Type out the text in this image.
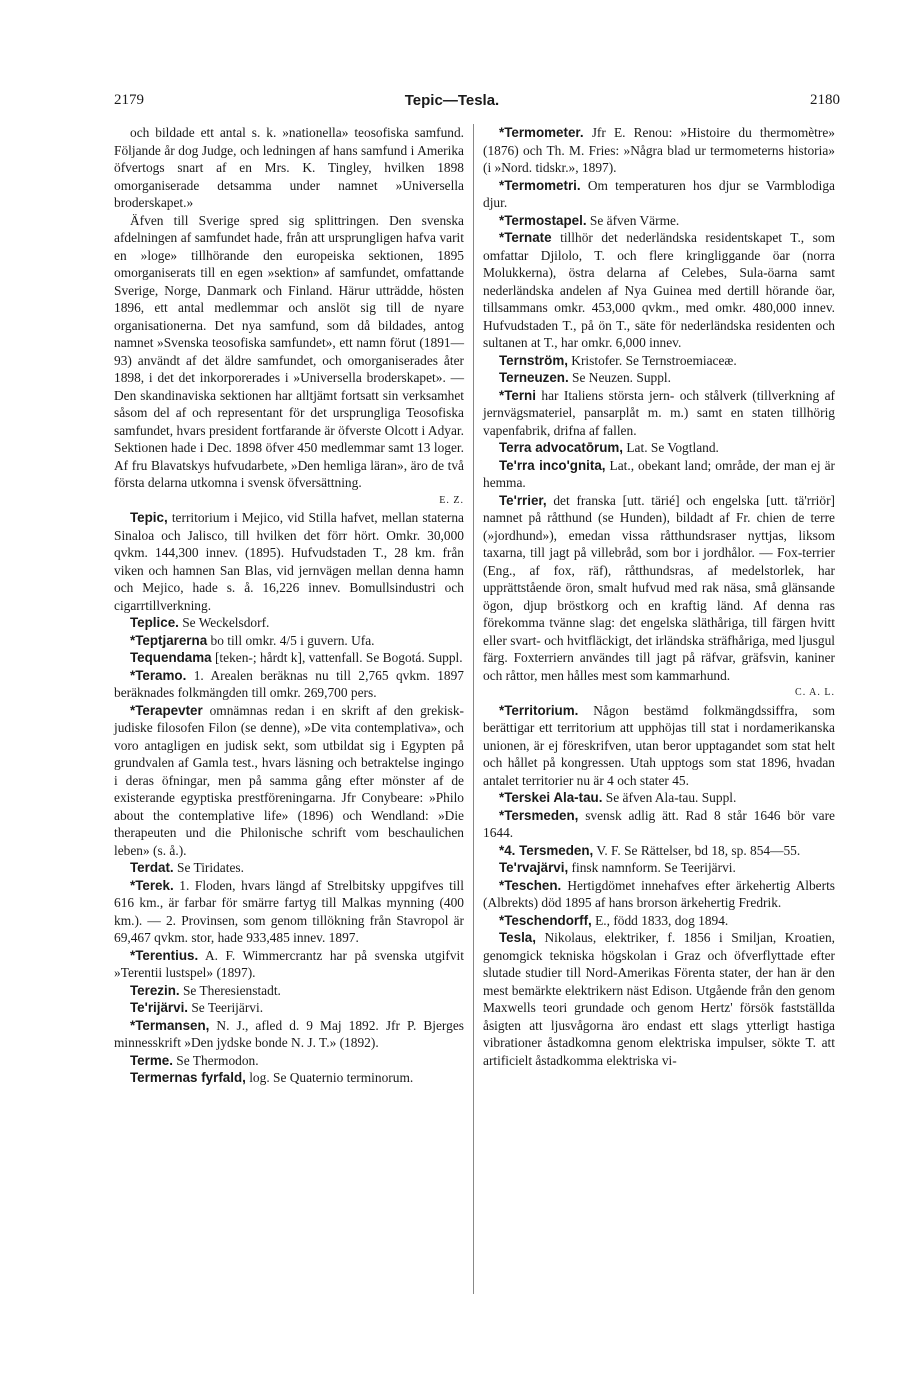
2179	Tepic—Tesla.	2180

och bildade ett antal s. k. »nationella» teosofiska samfund. Följande år dog Judge, och ledningen af hans samfund i Amerika öfvertogs snart af en Mrs. K. Tingley, hvilken 1898 omorganiserade detsamma under namnet »Universella broderskapet.»

Äfven till Sverige spred sig splittringen. Den svenska afdelningen af samfundet hade, från att ursprungligen hafva varit en »loge» tillhörande den europeiska sektionen, 1895 omorganiserats till en egen »sektion» af samfundet, omfattande Sverige, Norge, Danmark och Finland. Härur utträdde, hösten 1896, ett antal medlemmar och anslöt sig till de nyare organisationerna. Det nya samfund, som då bildades, antog namnet »Svenska teosofiska samfundet», ett namn förut (1891—93) användt af det äldre samfundet, och omorganiserades åter 1898, i det det inkorporerades i »Universella broderskapet». — Den skandinaviska sektionen har alltjämt fortsatt sin verksamhet såsom del af och representant för det ursprungliga Teosofiska samfundet, hvars president fortfarande är öfverste Olcott i Adyar. Sektionen hade i Dec. 1898 öfver 450 medlemmar samt 13 loger. Af fru Blavatskys hufvudarbete, »Den hemliga läran», äro de två första delarna utkomna i svensk öfversättning.

E. Z.

Tepic, territorium i Mejico, vid Stilla hafvet, mellan staterna Sinaloa och Jalisco, till hvilken det förr hört. Omkr. 30,000 qvkm. 144,300 innev. (1895). Hufvudstaden T., 28 km. från viken och hamnen San Blas, vid jernvägen mellan denna hamn och Mejico, hade s. å. 16,226 innev. Bomullsindustri och cigarrtillverkning.

Teplice. Se Weckelsdorf.

*Teptjarerna bo till omkr. 4/5 i guvern. Ufa.

Tequendama [teken-; hårdt k], vattenfall. Se Bogotá. Suppl.

*Teramo. 1. Arealen beräknas nu till 2,765 qvkm. 1897 beräknades folkmängden till omkr. 269,700 pers.

*Terapevter omnämnas redan i en skrift af den grekisk-judiske filosofen Filon (se denne), »De vita contemplativa», och voro antagligen en judisk sekt, som utbildat sig i Egypten på grundvalen af Gamla test., hvars läsning och betraktelse ingingo i deras öfningar, men på samma gång efter mönster af de existerande egyptiska prestföreningarna. Jfr Conybeare: »Philo about the contemplative life» (1896) och Wendland: »Die therapeuten und die Philonische schrift vom beschaulichen leben» (s. å.).

Terdat. Se Tiridates.

*Terek. 1. Floden, hvars längd af Strelbitsky uppgifves till 616 km., är farbar för smärre fartyg till Malkas mynning (400 km.). — 2. Provinsen, som genom tillökning från Stavropol är 69,467 qvkm. stor, hade 933,485 innev. 1897.

*Terentius. A. F. Wimmercrantz har på svenska utgifvit »Terentii lustspel» (1897).

Terezin. Se Theresienstadt.

Te'rijärvi. Se Teerijärvi.

*Termansen, N. J., afled d. 9 Maj 1892. Jfr P. Bjerges minnesskrift »Den jydske bonde N. J. T.» (1892).

Terme. Se Thermodon.

Termernas fyrfald, log. Se Quaternio terminorum.

*Termometer. Jfr E. Renou: »Histoire du thermomètre» (1876) och Th. M. Fries: »Några blad ur termometerns historia» (i »Nord. tidskr.», 1897).

*Termometri. Om temperaturen hos djur se Varmblodiga djur.

*Termostapel. Se äfven Värme.

*Ternate tillhör det nederländska residentskapet T., som omfattar Djilolo, T. och flere kringliggande öar (norra Molukkerna), östra delarna af Celebes, Sula-öarna samt nederländska andelen af Nya Guinea med dertill hörande öar, tillsammans omkr. 453,000 qvkm., med omkr. 480,000 innev. Hufvudstaden T., på ön T., säte för nederländska residenten och sultanen at T., har omkr. 6,000 innev.

Ternström, Kristofer. Se Ternstroemiaceæ.

Terneuzen. Se Neuzen. Suppl.

*Terni har Italiens största jern- och stålverk (tillverkning af jernvägsmateriel, pansarplåt m. m.) samt en staten tillhörig vapenfabrik, drifna af fallen.

Terra advocatōrum, Lat. Se Vogtland.

Te'rra inco'gnita, Lat., obekant land; område, der man ej är hemma.

Te'rrier, det franska [utt. tärié] och engelska [utt. tä'rriör] namnet på råtthund (se Hunden), bildadt af Fr. chien de terre (»jordhund»), emedan vissa råtthundsraser nyttjas, liksom taxarna, till jagt på villebråd, som bor i jordhålor. — Fox-terrier (Eng., af fox, räf), råtthundsras, af medelstorlek, har upprättstående öron, smalt hufvud med rak näsa, små glänsande ögon, djup bröstkorg och en kraftig länd. Af denna ras förekomma tvänne slag: det engelska släthåriga, till färgen hvitt eller svart- och hvitfläckigt, det irländska sträfhåriga, med ljusgul färg. Foxterriern användes till jagt på räfvar, gräfsvin, kaniner och råttor, men hålles mest som kammarhund.

C. A. L.

*Territorium. Någon bestämd folkmängdssiffra, som berättigar ett territorium att upphöjas till stat i nordamerikanska unionen, är ej föreskrifven, utan beror upptagandet som stat helt och hållet på kongressen. Utah upptogs som stat 1896, hvadan antalet territorier nu är 4 och stater 45.

*Terskei Ala-tau. Se äfven Ala-tau. Suppl.

*Tersmeden, svensk adlig ätt. Rad 8 står 1646 bör vare 1644.

*4. Tersmeden, V. F. Se Rättelser, bd 18, sp. 854—55.

Te'rvajärvi, finsk namnform. Se Teerijärvi.

*Teschen. Hertigdömet innehafves efter ärkehertig Alberts (Albrekts) död 1895 af hans brorson ärkehertig Fredrik.

*Teschendorff, E., född 1833, dog 1894.

Tesla, Nikolaus, elektriker, f. 1856 i Smiljan, Kroatien, genomgick tekniska högskolan i Graz och öfverflyttade efter slutade studier till Nord-Amerikas Förenta stater, der han är den mest bemärkte elektrikern näst Edison. Utgående från den genom Maxwells teori grundade och genom Hertz' försök fastställda åsigten att ljusvågorna äro endast ett slags ytterligt hastiga vibrationer åstadkomna genom elektriska impulser, sökte T. att artificielt åstadkomma elektriska vi-
